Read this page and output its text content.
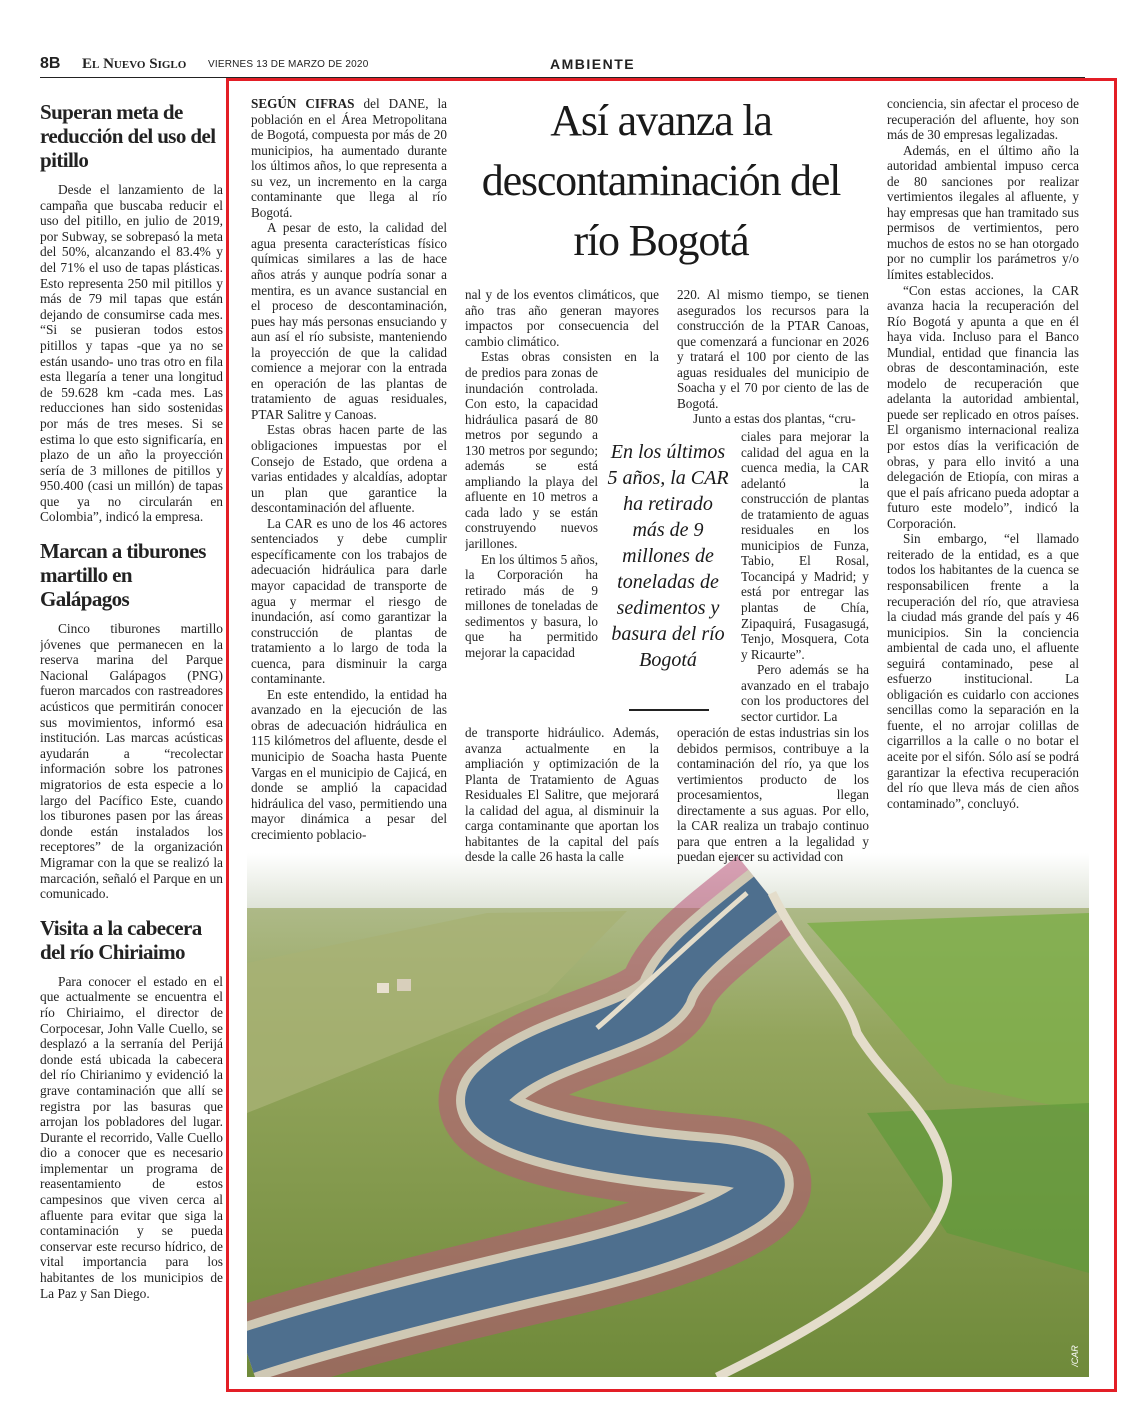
8B El Nuevo Siglo VIERNES 13 DE MARZO DE 2020	AMBIENTE
Superan meta de reducción del uso del pitillo

Desde el lanzamiento de la campaña que buscaba reducir el uso del pitillo, en julio de 2019, por Subway, se sobrepasó la meta del 50%, alcanzando el 83.4% y del 71% el uso de tapas plásticas. Esto representa 250 mil pitillos y más de 79 mil tapas que están dejando de consumirse cada mes. “Si se pusieran todos estos pitillos y tapas -que ya no se están usando- uno tras otro en fila esta llegaría a tener una longitud de 59.628 km -cada mes. Las reducciones han sido sostenidas por más de tres meses. Si se estima lo que esto significaría, en plazo de un año la proyección sería de 3 millones de pitillos y 950.400 (casi un millón) de tapas que ya no circularán en Colombia”, indicó la empresa.

Marcan a tiburones martillo en Galápagos

Cinco tiburones martillo jóvenes que permanecen en la reserva marina del Parque Nacional Galápagos (PNG) fueron marcados con rastreadores acústicos que permitirán conocer sus movimientos, informó esa institución. Las marcas acústicas ayudarán a “recolectar información sobre los patrones migratorios de esta especie a lo largo del Pacífico Este, cuando los tiburones pasen por las áreas donde están instalados los receptores” de la organización Migramar con la que se realizó la marcación, señaló el Parque en un comunicado.

Visita a la cabecera del río Chiriaimo

Para conocer el estado en el que actualmente se encuentra el río Chiriaimo, el director de Corpocesar, John Valle Cuello, se desplazó a la serranía del Perijá donde está ubicada la cabecera del río Chirianimo y evidenció la grave contaminación que allí se registra por las basuras que arrojan los pobladores del lugar. Durante el recorrido, Valle Cuello dio a conocer que es necesario implementar un programa de reasentamiento de estos campesinos que viven cerca al afluente para evitar que siga la contaminación y se pueda conservar este recurso hídrico, de vital importancia para los habitantes de los municipios de La Paz y San Diego.

Así avanza la descontaminación del río Bogotá

SEGÚN CIFRAS del DANE, la población en el Área Metropolitana de Bogotá, compuesta por más de 20 municipios, ha aumentado durante los últimos años, lo que representa a su vez, un incremento en la carga contaminante que llega al río Bogotá.

A pesar de esto, la calidad del agua presenta características físico químicas similares a las de hace años atrás y aunque podría sonar a mentira, es un avance sustancial en el proceso de descontaminación, pues hay más personas ensuciando y aun así el río subsiste, manteniendo la proyección de que la calidad comience a mejorar con la entrada en operación de las plantas de tratamiento de aguas residuales, PTAR Salitre y Canoas.

Estas obras hacen parte de las obligaciones impuestas por el Consejo de Estado, que ordena a varias entidades y alcaldías, adoptar un plan que garantice la descontaminación del afluente.

La CAR es uno de los 46 actores sentenciados y debe cumplir específicamente con los trabajos de adecuación hidráulica para darle mayor capacidad de transporte de agua y mermar el riesgo de inundación, así como garantizar la construcción de plantas de tratamiento a lo largo de toda la cuenca, para disminuir la carga contaminante.

En este entendido, la entidad ha avanzado en la ejecución de las obras de adecuación hidráulica en 115 kilómetros del afluente, desde el municipio de Soacha hasta Puente Vargas en el municipio de Cajicá, en donde se amplió la capacidad hidráulica del vaso, permitiendo una mayor dinámica a pesar del crecimiento poblacio-

nal y de los eventos climáticos, que año tras año generan mayores impactos por consecuencia del cambio climático.

Estas obras consisten en la

de predios para zonas de inundación controlada. Con esto, la capacidad hidráulica pasará de 80 metros por segundo a 130 metros por segundo; además se está ampliando la playa del afluente en 10 metros a cada lado y se están construyendo nuevos jarillones.

En los últimos 5 años, la Corporación ha retirado más de 9 millones de toneladas de sedimentos y basura, lo que ha permitido mejorar la capacidad

de transporte hidráulico. Además, avanza actualmente en la ampliación y optimización de la Planta de Tratamiento de Aguas Residuales El Salitre, que mejorará la calidad del agua, al disminuir la carga contaminante que aportan los habitantes de la capital del país desde la calle 26 hasta la calle

220. Al mismo tiempo, se tienen asegurados los recursos para la construcción de la PTAR Canoas, que comenzará a funcionar en 2026 y tratará el 100 por ciento de las aguas residuales del municipio de Soacha y el 70 por ciento de las de Bogotá.

Junto a estas dos plantas, “cru-

ciales para mejorar la calidad del agua en la cuenca media, la CAR adelantó la construcción de plantas de tratamiento de aguas residuales en los municipios de Funza, Tabio, El Rosal, Tocancipá y Madrid; y está por entregar las plantas de Chía, Zipaquirá, Fusagasugá, Tenjo, Mosquera, Cota y Ricaurte”.

Pero además se ha avanzado en el trabajo con los productores del sector curtidor. La

operación de estas industrias sin los debidos permisos, contribuye a la contaminación del río, ya que los vertimientos producto de los procesamientos, llegan directamente a sus aguas. Por ello, la CAR realiza un trabajo continuo para que entren a la legalidad y puedan ejercer su actividad con

conciencia, sin afectar el proceso de recuperación del afluente, hoy son más de 30 empresas legalizadas.

Además, en el último año la autoridad ambiental impuso cerca de 80 sanciones por realizar vertimientos ilegales al afluente, y hay empresas que han tramitado sus permisos de vertimientos, pero muchos de estos no se han otorgado por no cumplir los parámetros y/o límites establecidos.

“Con estas acciones, la CAR avanza hacia la recuperación del Río Bogotá y apunta a que en él haya vida. Incluso para el Banco Mundial, entidad que financia las obras de descontaminación, este modelo de recuperación que adelanta la autoridad ambiental, puede ser replicado en otros países. El organismo internacional realiza por estos días la verificación de obras, y para ello invitó a una delegación de Etiopía, con miras a que el país africano pueda adoptar a futuro este modelo”, indicó la Corporación.

Sin embargo, “el llamado reiterado de la entidad, es a que todos los habitantes de la cuenca se responsabilicen frente a la recuperación del río, que atraviesa la ciudad más grande del país y 46 municipios. Sin la conciencia ambiental de cada uno, el afluente seguirá contaminado, pese al esfuerzo institucional. La obligación es cuidarlo con acciones sencillas como la separación en la fuente, el no arrojar colillas de cigarrillos a la calle o no botar el aceite por el sifón. Sólo así se podrá garantizar la efectiva recuperación del río que lleva más de cien años contaminado”, concluyó.

En los últimos 5 años, la CAR ha retirado más de 9 millones de toneladas de sedimentos y basura del río Bogotá
/CAR
